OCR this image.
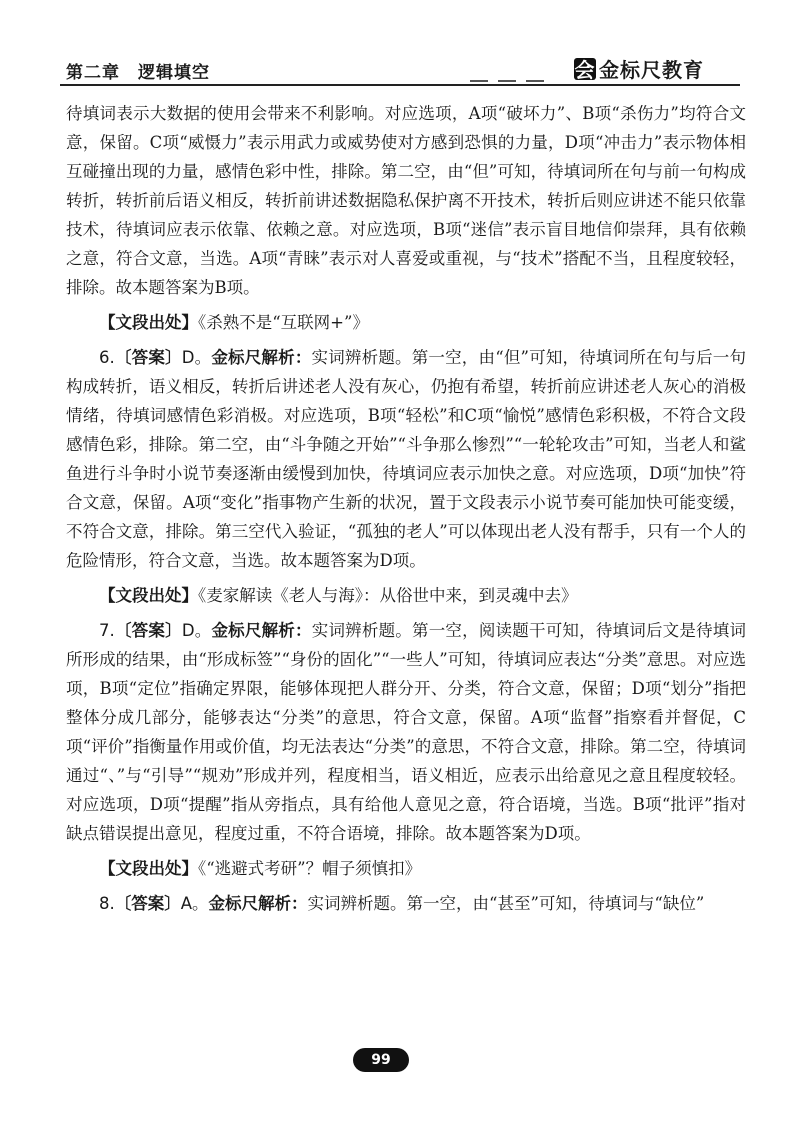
第二章　逻辑填空	会 金标尺教育

待填词表示大数据的使用会带来不利影响。对应选项，A项“破坏力”、B项“杀伤力”均符合文意，保留。C项“威慑力”表示用武力或威势使对方感到恐惧的力量，D项“冲击力”表示物体相互碰撞出现的力量，感情色彩中性，排除。第二空，由“但”可知，待填词所在句与前一句构成转折，转折前后语义相反，转折前讲述数据隐私保护离不开技术，转折后则应讲述不能只依靠技术，待填词应表示依靠、依赖之意。对应选项，B项“迷信”表示盲目地信仰崇拜，具有依赖之意，符合文意，当选。A项“青睐”表示对人喜爱或重视，与“技术”搭配不当，且程度较轻，排除。故本题答案为B项。

【文段出处】《杀熟不是“互联网+”》

6.〔答案〕D。金标尺解析：实词辨析题。第一空，由“但”可知，待填词所在句与后一句构成转折，语义相反，转折后讲述老人没有灰心，仍抱有希望，转折前应讲述老人灰心的消极情绪，待填词感情色彩消极。对应选项，B项“轻松”和C项“愉悦”感情色彩积极，不符合文段感情色彩，排除。第二空，由“斗争随之开始”“斗争那么惨烈”“一轮轮攻击”可知，当老人和鲨鱼进行斗争时小说节奏逐渐由缓慢到加快，待填词应表示加快之意。对应选项，D项“加快”符合文意，保留。A项“变化”指事物产生新的状况，置于文段表示小说节奏可能加快可能变缓，不符合文意，排除。第三空代入验证，“孤独的老人”可以体现出老人没有帮手，只有一个人的危险情形，符合文意，当选。故本题答案为D项。

【文段出处】《麦家解读《老人与海》：从俗世中来，到灵魂中去》

7.〔答案〕D。金标尺解析：实词辨析题。第一空，阅读题干可知，待填词后文是待填词所形成的结果，由“形成标签”“身份的固化”“一些人”可知，待填词应表达“分类”意思。对应选项，B项“定位”指确定界限，能够体现把人群分开、分类，符合文意，保留；D项“划分”指把整体分成几部分，能够表达“分类”的意思，符合文意，保留。A项“监督”指察看并督促，C项“评价”指衡量作用或价值，均无法表达“分类”的意思，不符合文意，排除。第二空，待填词通过“、”与“引导”“规劝”形成并列，程度相当，语义相近，应表示出给意见之意且程度较轻。对应选项，D项“提醒”指从旁指点，具有给他人意见之意，符合语境，当选。B项“批评”指对缺点错误提出意见，程度过重，不符合语境，排除。故本题答案为D项。

【文段出处】《“逃避式考研”？帽子须慎扣》

8.〔答案〕A。金标尺解析：实词辨析题。第一空，由“甚至”可知，待填词与“缺位”

99
